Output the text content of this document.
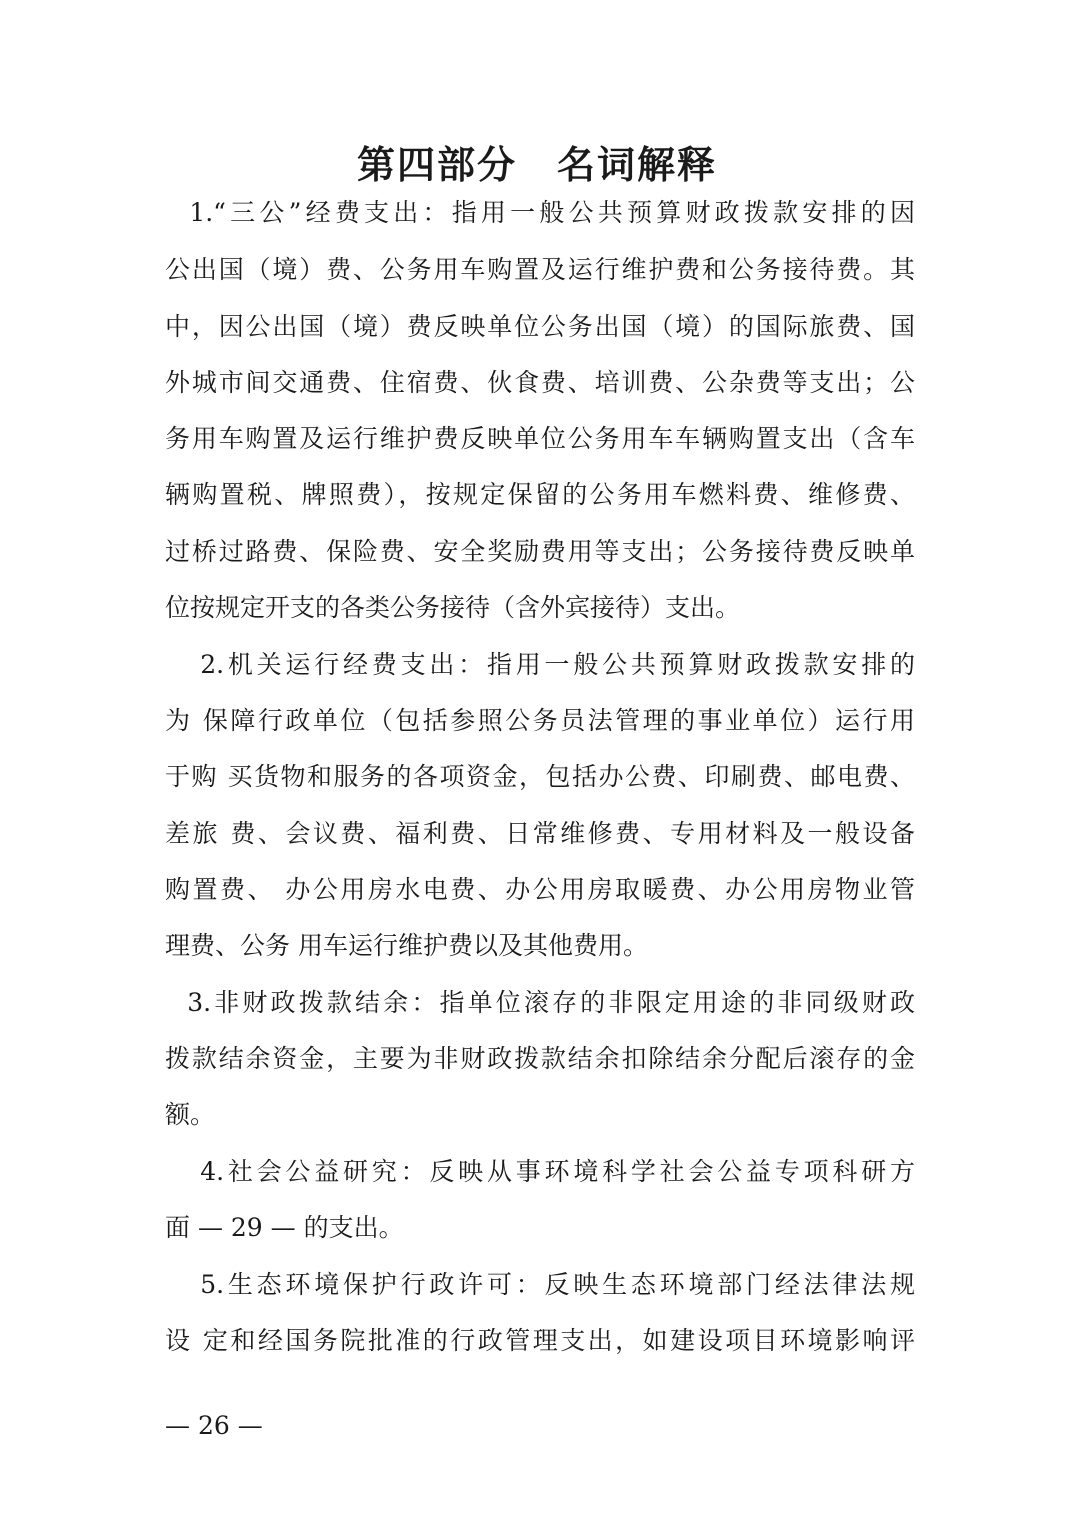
第四部分　名词解释
1.“三公”经费支出：指用一般公共预算财政拨款安排的因
公出国（境）费、公务用车购置及运行维护费和公务接待费。其
中，因公出国（境）费反映单位公务出国（境）的国际旅费、国
外城市间交通费、住宿费、伙食费、培训费、公杂费等支出；公
务用车购置及运行维护费反映单位公务用车车辆购置支出（含车
辆购置税、牌照费），按规定保留的公务用车燃料费、维修费、
过桥过路费、保险费、安全奖励费用等支出；公务接待费反映单
位按规定开支的各类公务接待（含外宾接待）支出。
2.机关运行经费支出：指用一般公共预算财政拨款安排的
为 保障行政单位（包括参照公务员法管理的事业单位）运行用
于购 买货物和服务的各项资金，包括办公费、印刷费、邮电费、
差旅 费、会议费、福利费、日常维修费、专用材料及一般设备
购置费、 办公用房水电费、办公用房取暖费、办公用房物业管
理费、公务 用车运行维护费以及其他费用。
3.非财政拨款结余：指单位滚存的非限定用途的非同级财政
拨款结余资金，主要为非财政拨款结余扣除结余分配后滚存的金
额。
4.社会公益研究：反映从事环境科学社会公益专项科研方
面 — 29 — 的支出。
5.生态环境保护行政许可：反映生态环境部门经法律法规
设 定和经国务院批准的行政管理支出，如建设项目环境影响评
— 26 —
